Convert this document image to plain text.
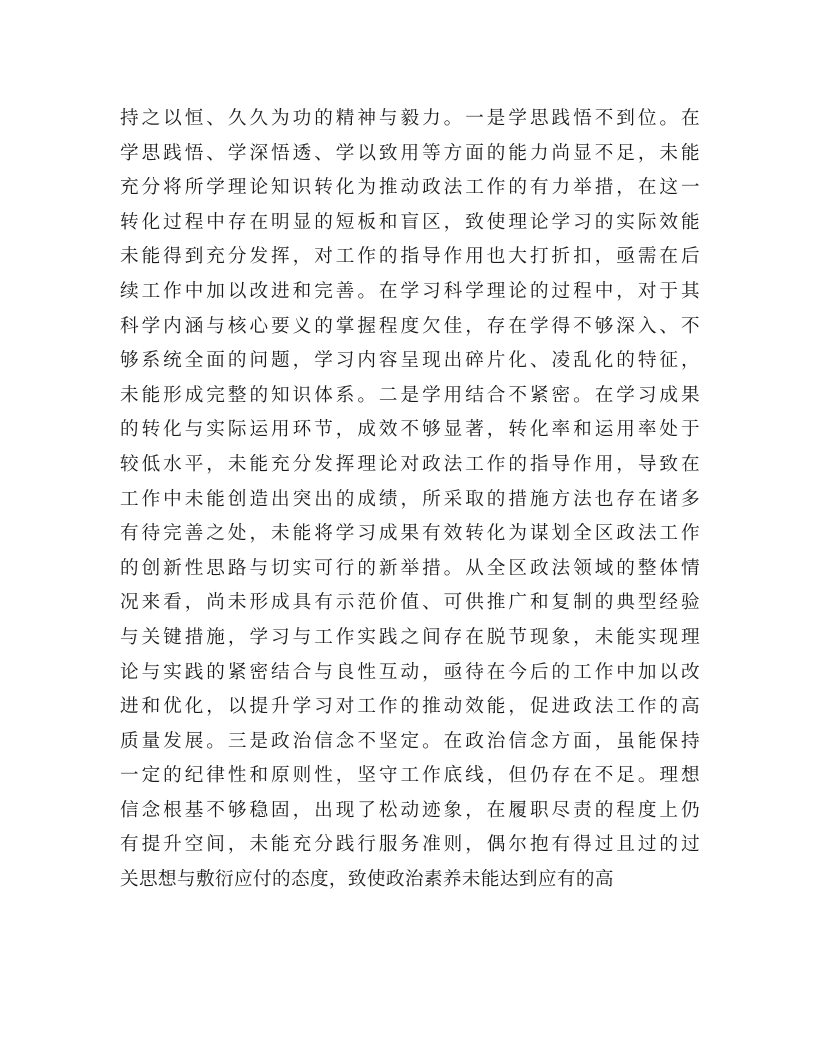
持之以恒、久久为功的精神与毅力。一是学思践悟不到位。在
学思践悟、学深悟透、学以致用等方面的能力尚显不足，未能
充分将所学理论知识转化为推动政法工作的有力举措，在这一
转化过程中存在明显的短板和盲区，致使理论学习的实际效能
未能得到充分发挥，对工作的指导作用也大打折扣，亟需在后
续工作中加以改进和完善。在学习科学理论的过程中，对于其
科学内涵与核心要义的掌握程度欠佳，存在学得不够深入、不
够系统全面的问题，学习内容呈现出碎片化、凌乱化的特征，
未能形成完整的知识体系。二是学用结合不紧密。在学习成果
的转化与实际运用环节，成效不够显著，转化率和运用率处于
较低水平，未能充分发挥理论对政法工作的指导作用，导致在
工作中未能创造出突出的成绩，所采取的措施方法也存在诸多
有待完善之处，未能将学习成果有效转化为谋划全区政法工作
的创新性思路与切实可行的新举措。从全区政法领域的整体情
况来看，尚未形成具有示范价值、可供推广和复制的典型经验
与关键措施，学习与工作实践之间存在脱节现象，未能实现理
论与实践的紧密结合与良性互动，亟待在今后的工作中加以改
进和优化，以提升学习对工作的推动效能，促进政法工作的高
质量发展。三是政治信念不坚定。在政治信念方面，虽能保持
一定的纪律性和原则性，坚守工作底线，但仍存在不足。理想
信念根基不够稳固，出现了松动迹象，在履职尽责的程度上仍
有提升空间，未能充分践行服务准则，偶尔抱有得过且过的过
关思想与敷衍应付的态度，致使政治素养未能达到应有的高
